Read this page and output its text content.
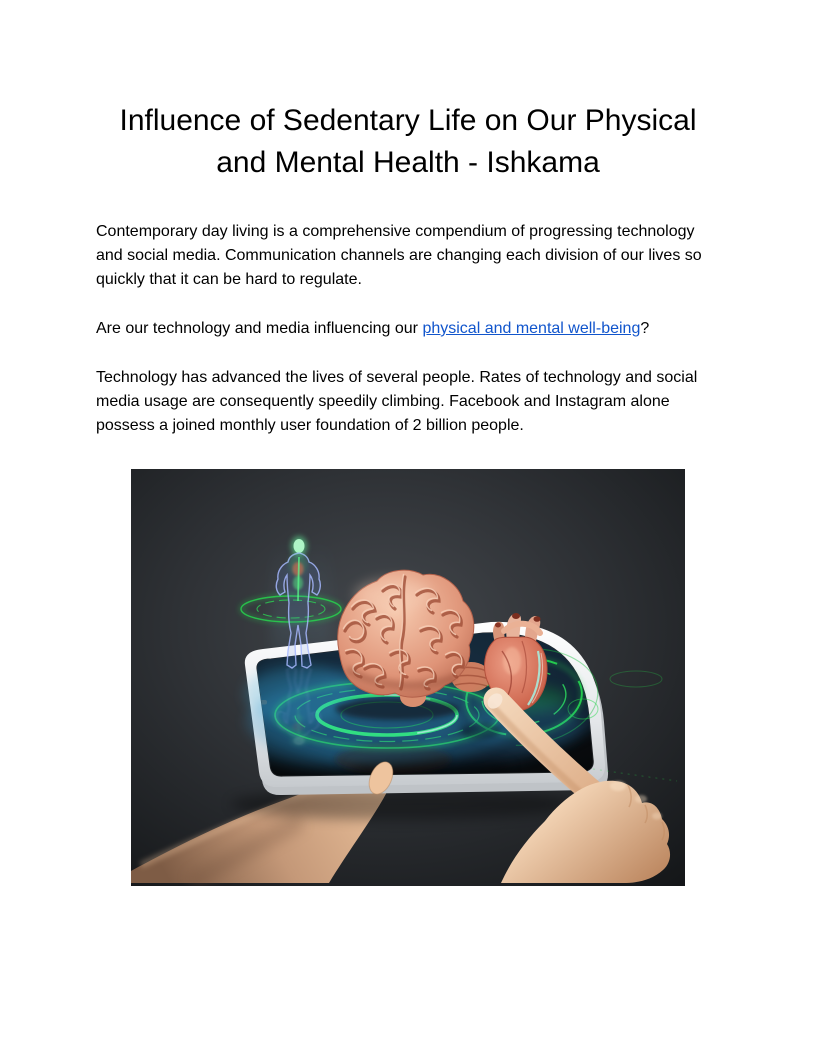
Influence of Sedentary Life on Our Physical and Mental Health - Ishkama

Contemporary day living is a comprehensive compendium of progressing technology and social media. Communication channels are changing each division of our lives so quickly that it can be hard to regulate.

Are our technology and media influencing our physical and mental well-being?

Technology has advanced the lives of several people. Rates of technology and social media usage are consequently speedily climbing. Facebook and Instagram alone possess a joined monthly user foundation of 2 billion people.
